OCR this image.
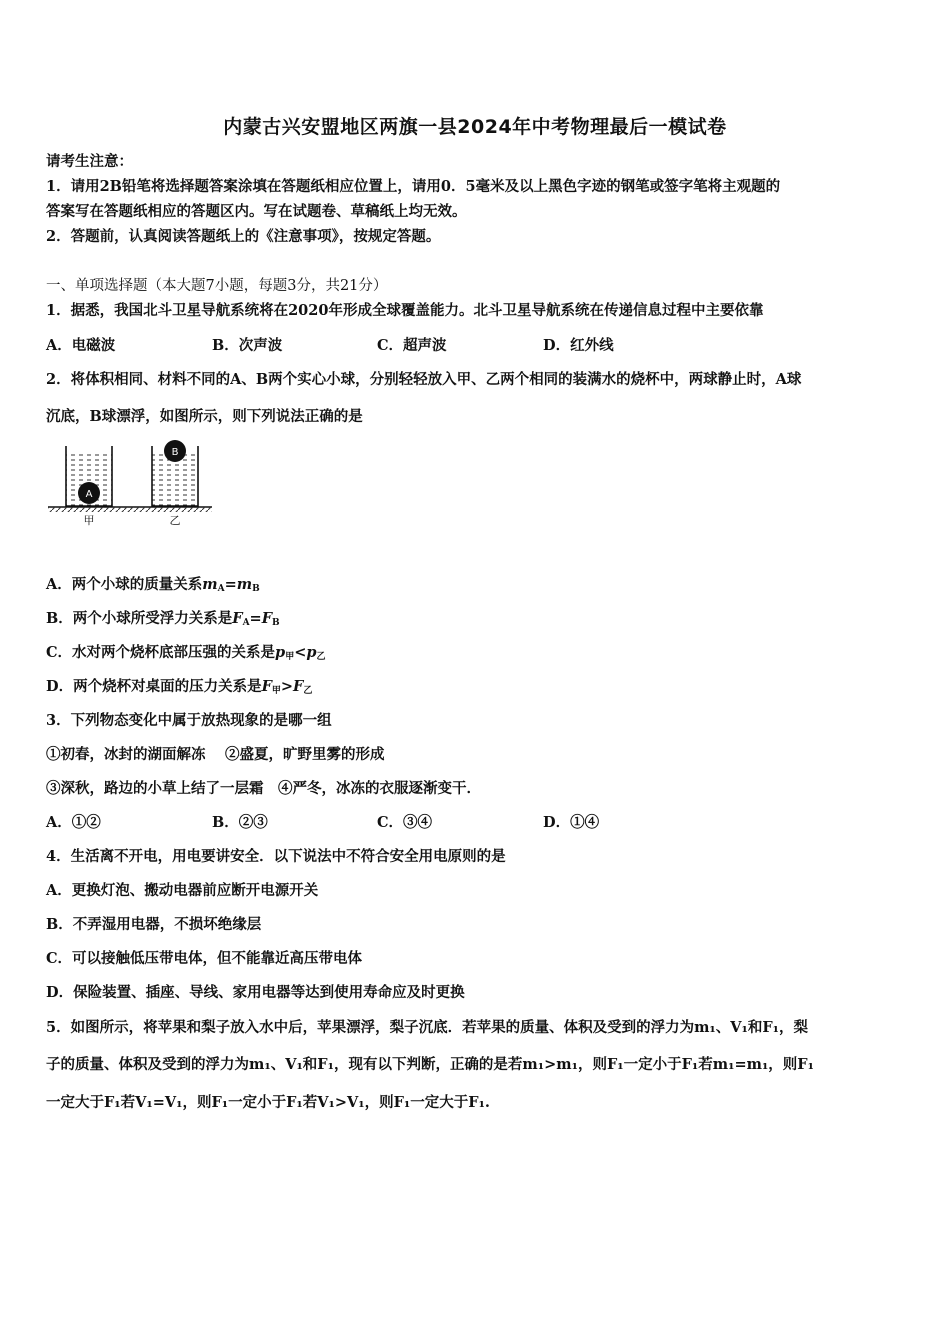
内蒙古兴安盟地区两旗一县2024年中考物理最后一模试卷
请考生注意：
1．请用2B铅笔将选择题答案涂填在答题纸相应位置上，请用0．5毫米及以上黑色字迹的钢笔或签字笔将主观题的
答案写在答题纸相应的答题区内。写在试题卷、草稿纸上均无效。
2．答题前，认真阅读答题纸上的《注意事项》，按规定答题。
一、单项选择题（本大题7小题，每题3分，共21分）
1．据悉，我国北斗卫星导航系统将在2020年形成全球覆盖能力。北斗卫星导航系统在传递信息过程中主要依靠
A．电磁波	B．次声波	C．超声波	D．红外线
2．将体积相同、材料不同的A、B两个实心小球，分别轻轻放入甲、乙两个相同的装满水的烧杯中，两球静止时，A球
沉底，B球漂浮，如图所示，则下列说法正确的是
A
B
甲	乙
A．两个小球的质量关系$m_A=m_B$
B．两个小球所受浮力关系是$F_A=F_B$
C．水对两个烧杯底部压强的关系是$p_甲<p_乙$
D．两个烧杯对桌面的压力关系是$F_甲>F_乙$
3．下列物态变化中属于放热现象的是哪一组
①初春，冰封的湖面解冻　 ②盛夏，旷野里雾的形成
③深秋，路边的小草上结了一层霜　④严冬，冰冻的衣服逐渐变干．
A．①②	B．②③	C．③④	D．①④
4．生活离不开电，用电要讲安全．以下说法中不符合安全用电原则的是
A．更换灯泡、搬动电器前应断开电源开关
B．不弄湿用电器，不损坏绝缘层
C．可以接触低压带电体，但不能靠近高压带电体
D．保险装置、插座、导线、家用电器等达到使用寿命应及时更换
5．如图所示，将苹果和梨子放入水中后，苹果漂浮，梨子沉底．若苹果的质量、体积及受到的浮力为m₁、V₁和F₁，梨
子的质量、体积及受到的浮力为m₁、V₁和F₁，现有以下判断，正确的是若m₁>m₁，则F₁一定小于F₁若m₁=m₁，则F₁
一定大于F₁若V₁=V₁，则F₁一定小于F₁若V₁>V₁，则F₁一定大于F₁.
